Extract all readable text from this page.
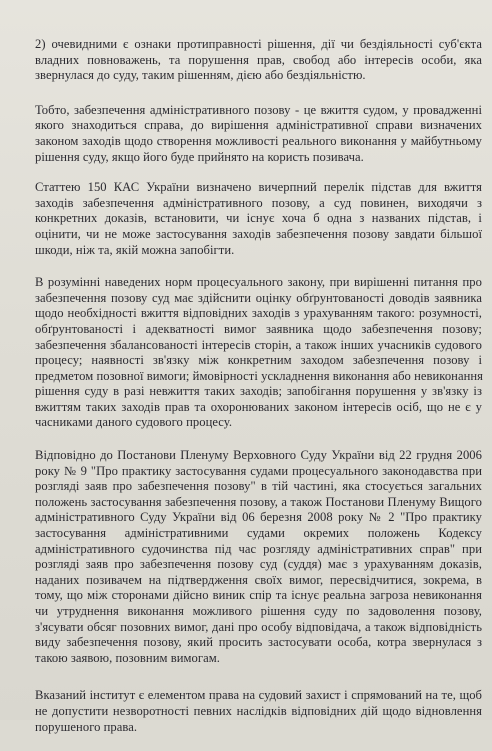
2) очевидними є ознаки протиправності рішення, дії чи бездіяльності суб'єкта
владних повноважень, та порушення прав, свобод або інтересів особи, яка
звернулася до суду, таким рішенням, дією або бездіяльністю.

Тобто, забезпечення адміністративного позову - це вжиття судом, у провадженні
якого знаходиться справа, до вирішення адміністративної справи визначених
законом заходів щодо створення можливості реального виконання у майбутньому
рішення суду, якщо його буде прийнято на користь позивача.

Статтею 150 КАС України визначено вичерпний перелік підстав для вжиття
заходів забезпечення адміністративного позову, а суд повинен, виходячи з
конкретних доказів, встановити, чи існує хоча б одна з названих підстав, і
оцінити, чи не може застосування заходів забезпечення позову завдати більшої
шкоди, ніж та, якій можна запобігти.

В розумінні наведених норм процесуального закону, при вирішенні питання про
забезпечення позову суд має здійснити оцінку обґрунтованості доводів заявника
щодо необхідності вжиття відповідних заходів з урахуванням такого: розумності,
обґрунтованості і адекватності вимог заявника щодо забезпечення позову;
забезпечення збалансованості інтересів сторін, а також інших учасників судового
процесу; наявності зв'язку між конкретним заходом забезпечення позову і
предметом позовної вимоги; ймовірності ускладнення виконання або невиконання
рішення суду в разі невжиття таких заходів; запобігання порушення у зв'язку із
вжиттям таких заходів прав та охоронюваних законом інтересів осіб, що не є у
часниками даного судового процесу.

Відповідно до Постанови Пленуму Верховного Суду України від 22 грудня 2006
року № 9 "Про практику застосування судами процесуального законодавства при
розгляді заяв про забезпечення позову" в тій частині, яка стосується загальних
положень застосування забезпечення позову, а також Постанови Пленуму Вищого
адміністративного Суду України від 06 березня 2008 року № 2 "Про практику
застосування адміністративними судами окремих положень Кодексу
адміністративного судочинства під час розгляду адміністративних справ" при
розгляді заяв про забезпечення позову суд (суддя) має з урахуванням доказів,
наданих позивачем на підтвердження своїх вимог, пересвідчитися, зокрема, в
тому, що між сторонами дійсно виник спір та існує реальна загроза невиконання
чи утруднення виконання можливого рішення суду по задоволення позову,
з'ясувати обсяг позовних вимог, дані про особу відповідача, а також відповідність
виду забезпечення позову, який просить застосувати особа, котра звернулася з
такою заявою, позовним вимогам.

Вказаний інститут є елементом права на судовий захист і спрямований на те, щоб
не допустити незворотності певних наслідків відповідних дій щодо відновлення
порушеного права.
